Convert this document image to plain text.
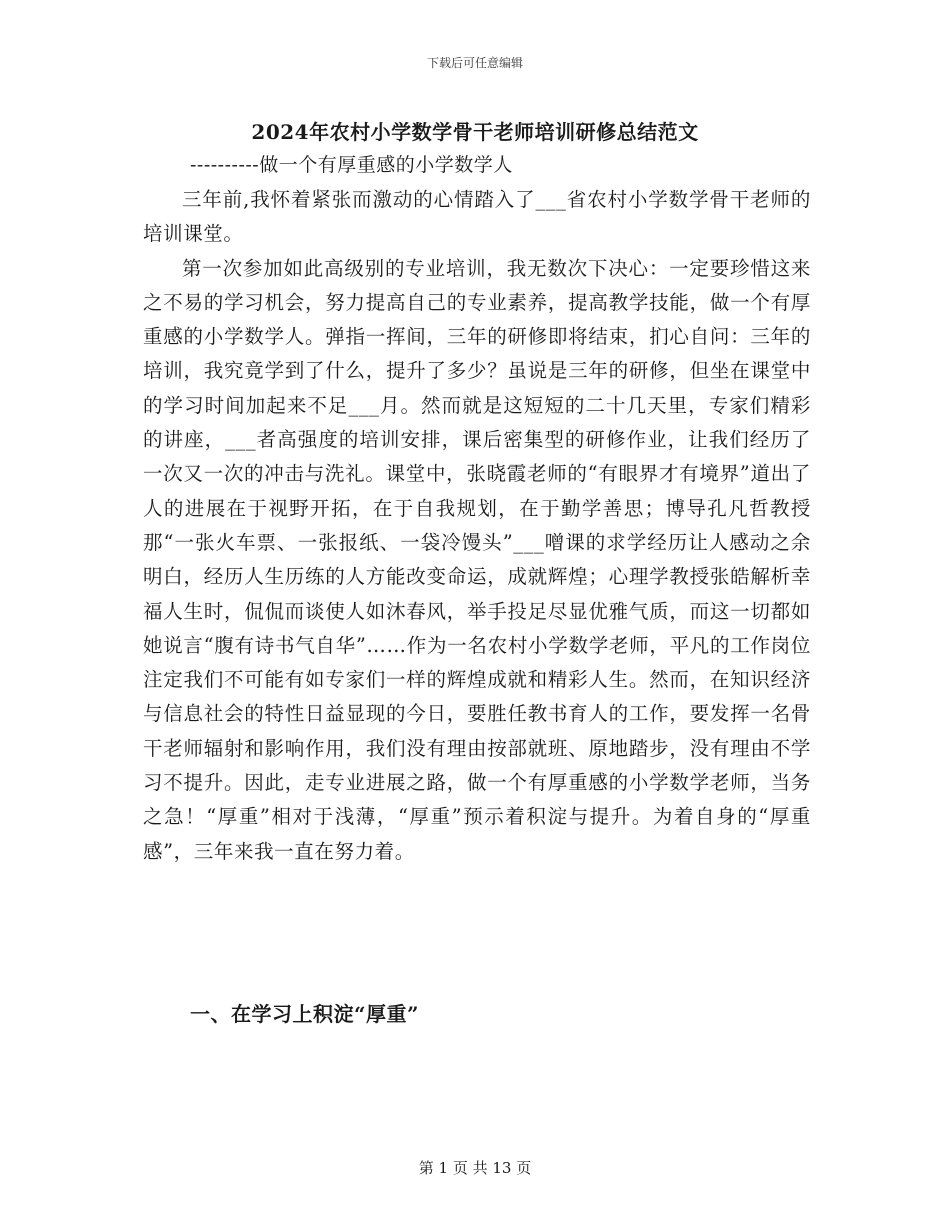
下载后可任意编辑
2024年农村小学数学骨干老师培训研修总结范文
----------做一个有厚重感的小学数学人

三年前,我怀着紧张而激动的心情踏入了___省农村小学数学骨干老师的培训课堂。

第一次参加如此高级别的专业培训，我无数次下决心：一定要珍惜这来之不易的学习机会，努力提高自己的专业素养，提高教学技能，做一个有厚重感的小学数学人。弹指一挥间，三年的研修即将结束，扪心自问：三年的培训，我究竟学到了什么，提升了多少？虽说是三年的研修，但坐在课堂中的学习时间加起来不足___月。然而就是这短短的二十几天里，专家们精彩的讲座，___者高强度的培训安排，课后密集型的研修作业，让我们经历了一次又一次的冲击与洗礼。课堂中，张晓霞老师的“有眼界才有境界”道出了人的进展在于视野开拓，在于自我规划，在于勤学善思；博导孔凡哲教授那“一张火车票、一张报纸、一袋冷馒头”___噌课的求学经历让人感动之余明白，经历人生历练的人方能改变命运，成就辉煌；心理学教授张皓解析幸福人生时，侃侃而谈使人如沐春风，举手投足尽显优雅气质，而这一切都如她说言“腹有诗书气自华”……作为一名农村小学数学老师，平凡的工作岗位注定我们不可能有如专家们一样的辉煌成就和精彩人生。然而，在知识经济与信息社会的特性日益显现的今日，要胜任教书育人的工作，要发挥一名骨干老师辐射和影响作用，我们没有理由按部就班、原地踏步，没有理由不学习不提升。因此，走专业进展之路，做一个有厚重感的小学数学老师，当务之急！“厚重”相对于浅薄，“厚重”预示着积淀与提升。为着自身的“厚重感”，三年来我一直在努力着。

一、在学习上积淀“厚重”
第 1 页 共 13 页
